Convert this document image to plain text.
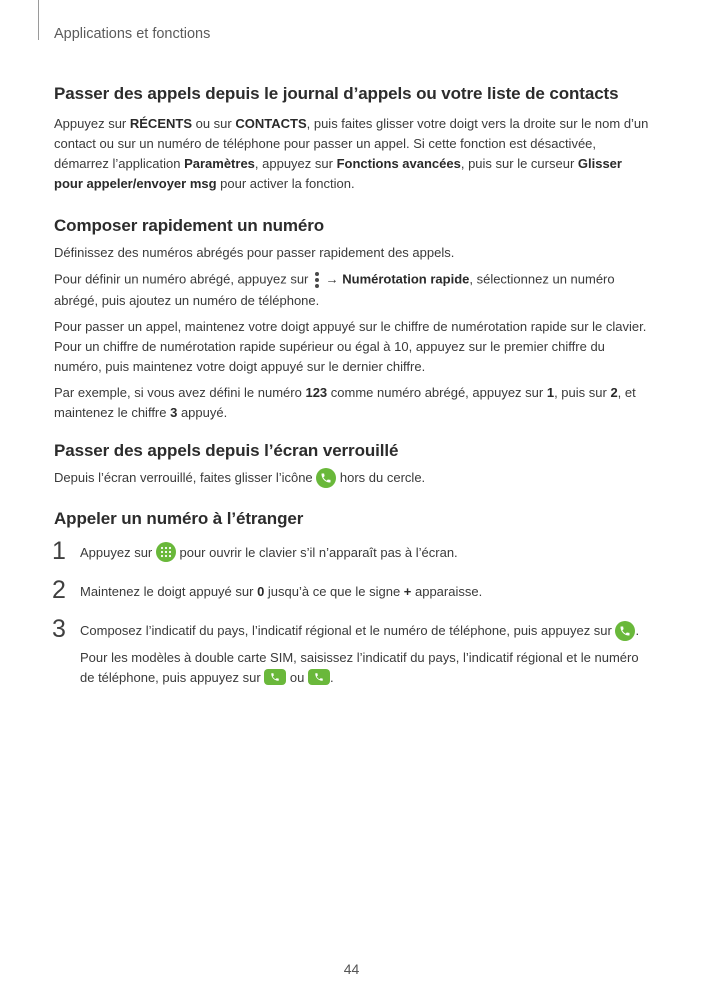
Applications et fonctions
Passer des appels depuis le journal d’appels ou votre liste de contacts

Appuyez sur RÉCENTS ou sur CONTACTS, puis faites glisser votre doigt vers la droite sur le nom d’un contact ou sur un numéro de téléphone pour passer un appel. Si cette fonction est désactivée, démarrez l’application Paramètres, appuyez sur Fonctions avancées, puis sur le curseur Glisser pour appeler/envoyer msg pour activer la fonction.

Composer rapidement un numéro

Définissez des numéros abrégés pour passer rapidement des appels.

Pour définir un numéro abrégé, appuyez sur
→ Numérotation rapide, sélectionnez un numéro abrégé, puis ajoutez un numéro de téléphone.

Pour passer un appel, maintenez votre doigt appuyé sur le chiffre de numérotation rapide sur le clavier. Pour un chiffre de numérotation rapide supérieur ou égal à 10, appuyez sur le premier chiffre du numéro, puis maintenez votre doigt appuyé sur le dernier chiffre.

Par exemple, si vous avez défini le numéro 123 comme numéro abrégé, appuyez sur 1, puis sur 2, et maintenez le chiffre 3 appuyé.

Passer des appels depuis l’écran verrouillé

Depuis l’écran verrouillé, faites glisser l’icône
hors du cercle.

Appeler un numéro à l’étranger
1 Appuyez sur
pour ouvrir le clavier s’il n’apparaît pas à l’écran.

2 Maintenez le doigt appuyé sur 0 jusqu’à ce que le signe + apparaisse.

3 Composez l’indicatif du pays, l’indicatif régional et le numéro de téléphone, puis appuyez sur
.

Pour les modèles à double carte SIM, saisissez l’indicatif du pays, l’indicatif régional et le numéro de téléphone, puis appuyez sur
ou
.

44
